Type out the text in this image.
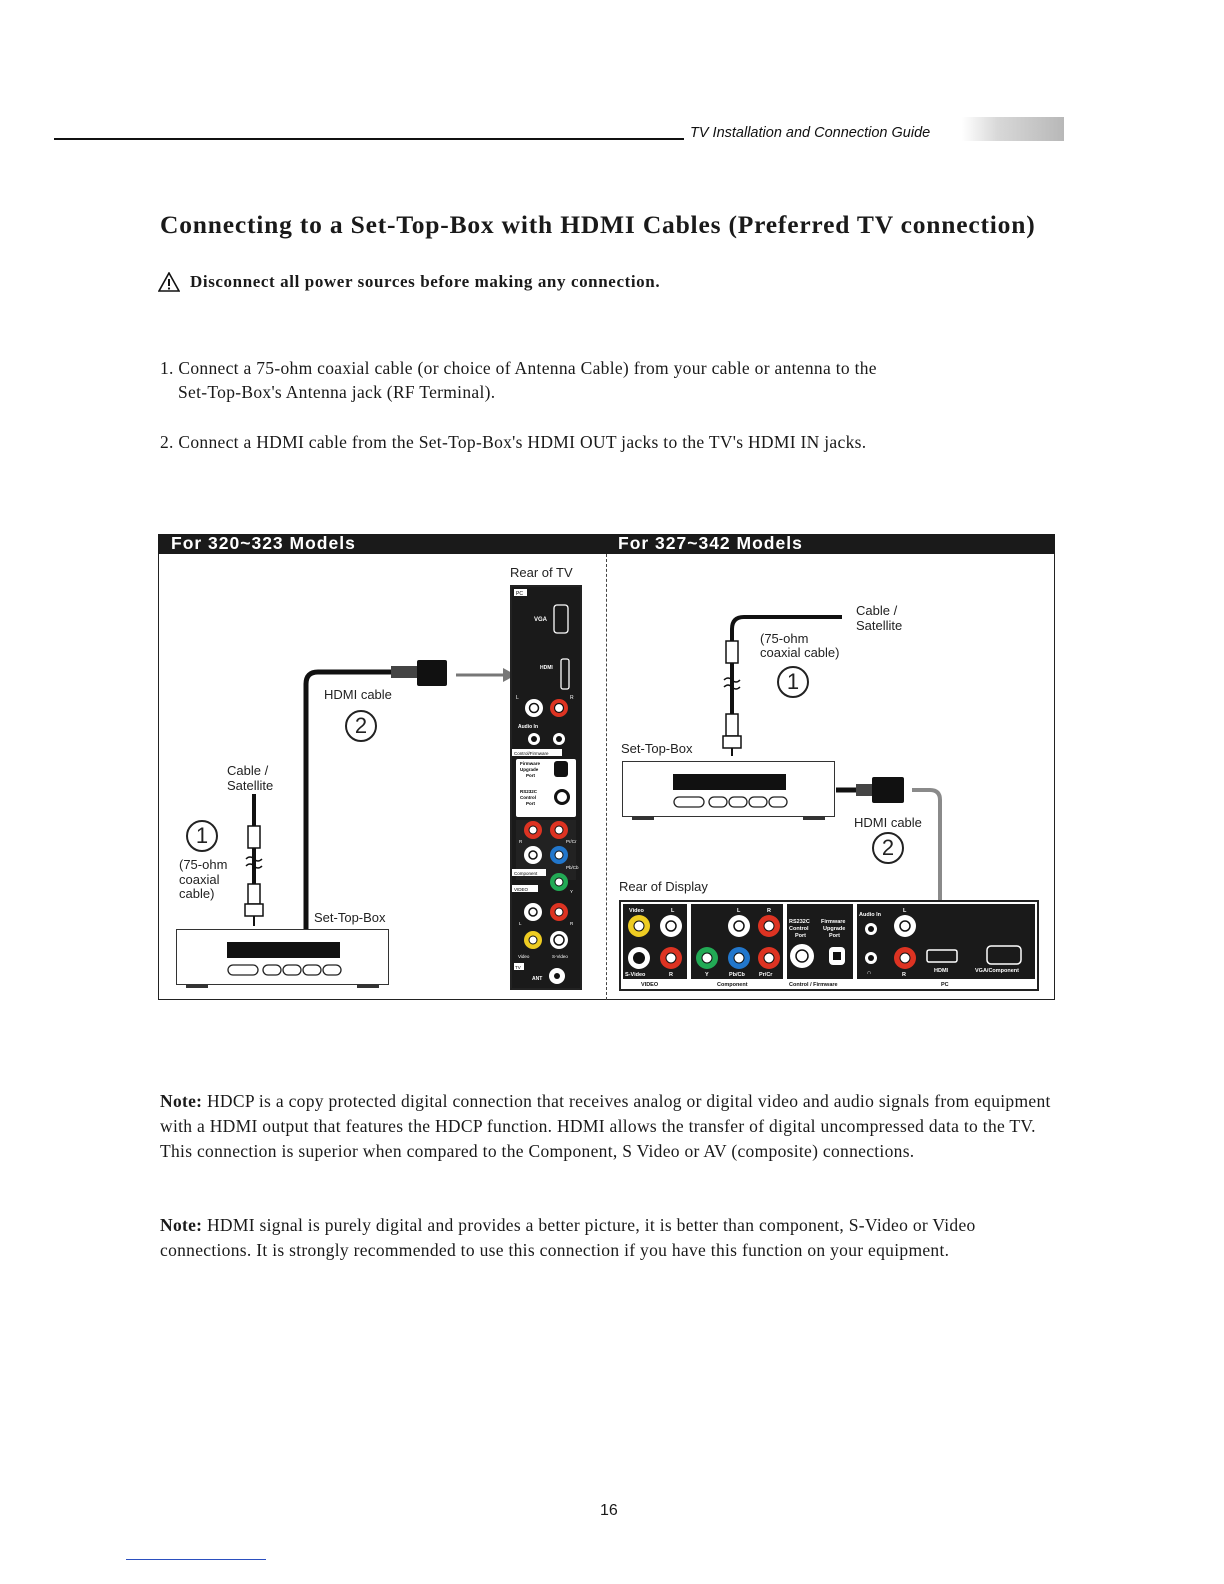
TV Installation and Connection Guide
Connecting to a Set-Top-Box with HDMI Cables (Preferred TV connection)
Disconnect all power sources before making any connection.
1. Connect a 75-ohm coaxial cable (or choice of Antenna Cable) from your cable or antenna to the
Set-Top-Box's Antenna jack (RF Terminal).
2. Connect a HDMI cable from the Set-Top-Box's HDMI OUT jacks to the TV's HDMI IN jacks.
For 320~323 Models	For 327~342 Models
Rear of TV
HDMI cable
2
Cable /
Satellite
1
(75-ohm
coaxial
cable)
Set-Top-Box
PC
VGA
HDMI
L	R
Audio In
Control/Firmware
Firmware
Upgrade
Port
RS232C
Control
Port
R	Pr/Cr
Pb/Cb
Component
Y
VIDEO
L	R
Video	S-Video
TV
ANT
Cable /
Satellite
(75-ohm
coaxial cable)
1
Set-Top-Box
HDMI cable
2
Rear of Display
Video	L
S-Video	R
L	R
Y	Pb/Cb	Pr/Cr
RS232C
Control
Port
Firmware
Upgrade
Port
Audio In
L
∩	R
HDMI	VGA/Component
VIDEO	Component	Control / Firmware	PC
Note: HDCP is a copy protected digital connection that receives analog or digital video and audio signals from equipment with a HDMI output that features the HDCP function. HDMI allows the transfer of digital uncompressed data to the TV. This connection is superior when compared to the Component, S Video or AV (composite) connections.
Note: HDMI signal is purely digital and provides a better picture, it is better than component, S-Video or Video connections. It is strongly recommended to use this connection if you have this function on your equipment.
16
